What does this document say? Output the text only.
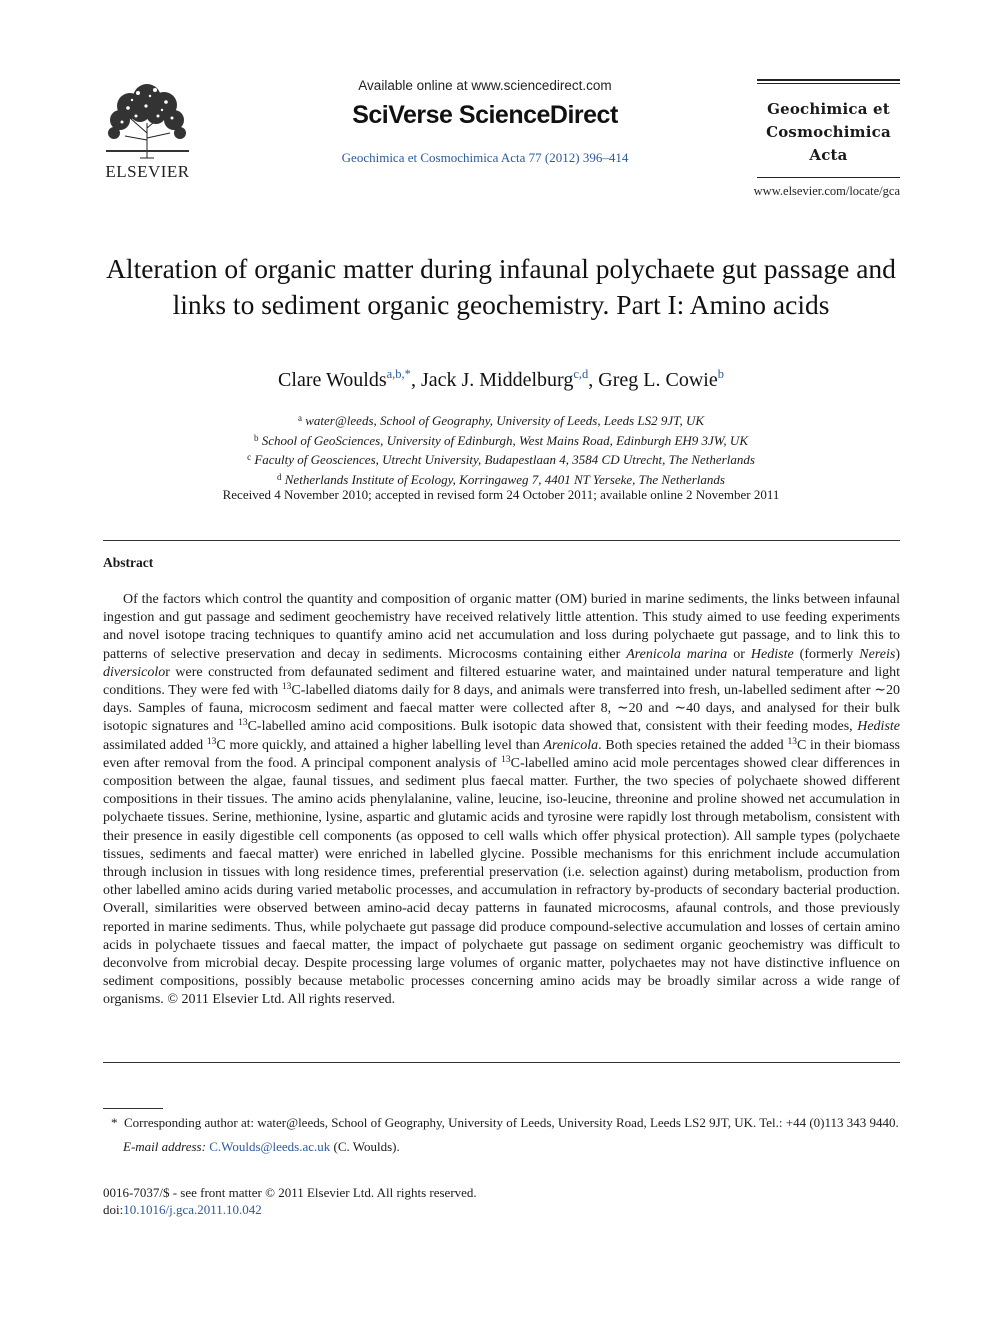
ELSEVIER
Available online at www.sciencedirect.com
SciVerse ScienceDirect
Geochimica et Cosmochimica Acta 77 (2012) 396–414
Geochimica et
Cosmochimica
Acta
www.elsevier.com/locate/gca
Alteration of organic matter during infaunal polychaete gut passage and links to sediment organic geochemistry. Part I: Amino acids
Clare Woulds$^{a,b,*}$, Jack J. Middelburg$^{c,d}$, Greg L. Cowie$^b$
$^a$ water@leeds, School of Geography, University of Leeds, Leeds LS2 9JT, UK
$^b$ School of GeoSciences, University of Edinburgh, West Mains Road, Edinburgh EH9 3JW, UK
$^c$ Faculty of Geosciences, Utrecht University, Budapestlaan 4, 3584 CD Utrecht, The Netherlands
$^d$ Netherlands Institute of Ecology, Korringaweg 7, 4401 NT Yerseke, The Netherlands
Received 4 November 2010; accepted in revised form 24 October 2011; available online 2 November 2011
Abstract
Of the factors which control the quantity and composition of organic matter (OM) buried in marine sediments, the links between infaunal ingestion and gut passage and sediment geochemistry have received relatively little attention. This study aimed to use feeding experiments and novel isotope tracing techniques to quantify amino acid net accumulation and loss during polychaete gut passage, and to link this to patterns of selective preservation and decay in sediments. Microcosms containing either Arenicola marina or Hediste (formerly Nereis) diversicolor were constructed from defaunated sediment and filtered estuarine water, and maintained under natural temperature and light conditions. They were fed with $^{13}$C-labelled diatoms daily for 8 days, and animals were transferred into fresh, un-labelled sediment after ∼20 days. Samples of fauna, microcosm sediment and faecal matter were collected after 8, ∼20 and ∼40 days, and analysed for their bulk isotopic signatures and $^{13}$C-labelled amino acid compositions. Bulk isotopic data showed that, consistent with their feeding modes, Hediste assimilated added $^{13}$C more quickly, and attained a higher labelling level than Arenicola. Both species retained the added $^{13}$C in their biomass even after removal from the food. A principal component analysis of $^{13}$C-labelled amino acid mole percentages showed clear differences in composition between the algae, faunal tissues, and sediment plus faecal matter. Further, the two species of polychaete showed different compositions in their tissues. The amino acids phenylalanine, valine, leucine, iso-leucine, threonine and proline showed net accumulation in polychaete tissues. Serine, methionine, lysine, aspartic and glutamic acids and tyrosine were rapidly lost through metabolism, consistent with their presence in easily digestible cell components (as opposed to cell walls which offer physical protection). All sample types (polychaete tissues, sediments and faecal matter) were enriched in labelled glycine. Possible mechanisms for this enrichment include accumulation through inclusion in tissues with long residence times, preferential preservation (i.e. selection against) during metabolism, production from other labelled amino acids during varied metabolic processes, and accumulation in refractory by-products of secondary bacterial production. Overall, similarities were observed between amino-acid decay patterns in faunated microcosms, afaunal controls, and those previously reported in marine sediments. Thus, while polychaete gut passage did produce compound-selective accumulation and losses of certain amino acids in polychaete tissues and faecal matter, the impact of polychaete gut passage on sediment organic geochemistry was difficult to deconvolve from microbial decay. Despite processing large volumes of organic matter, polychaetes may not have distinctive influence on sediment compositions, possibly because metabolic processes concerning amino acids may be broadly similar across a wide range of organisms. © 2011 Elsevier Ltd. All rights reserved.
* Corresponding author at: water@leeds, School of Geography, University of Leeds, University Road, Leeds LS2 9JT, UK. Tel.: +44 (0)113 343 9440.
E-mail address: C.Woulds@leeds.ac.uk (C. Woulds).
0016-7037/$ - see front matter © 2011 Elsevier Ltd. All rights reserved.
doi:10.1016/j.gca.2011.10.042
